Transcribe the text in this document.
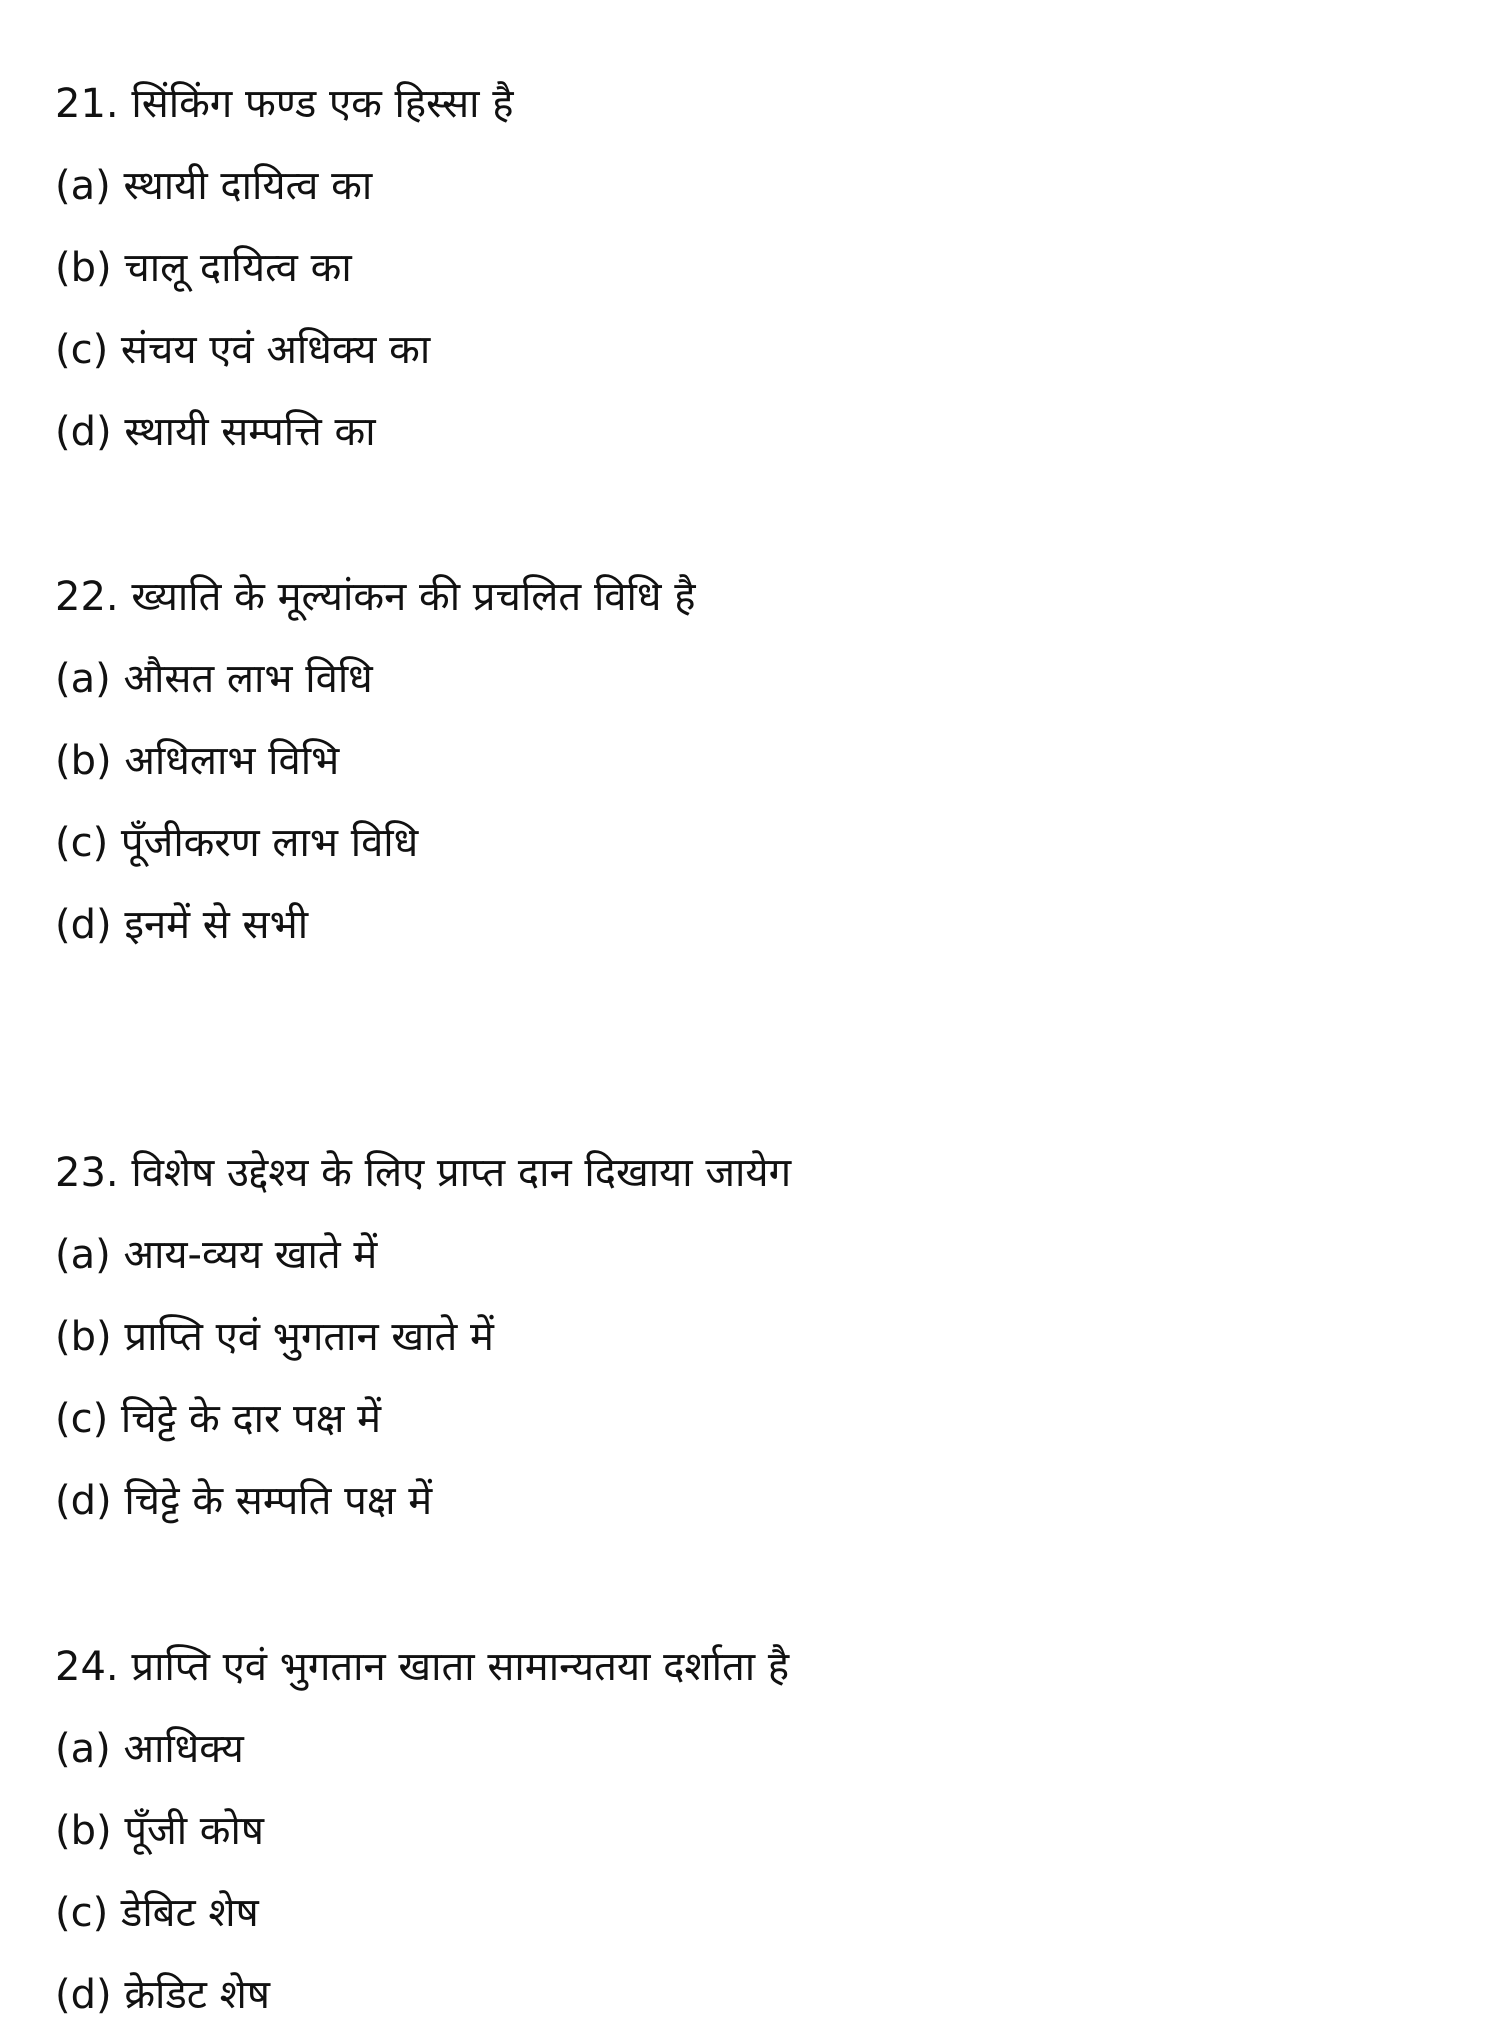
21. सिंकिंग फण्ड एक हिस्सा है
(a) स्थायी दायित्व का
(b) चालू दायित्व का
(c) संचय एवं अधिक्य का
(d) स्थायी सम्पत्ति का
22. ख्याति के मूल्यांकन की प्रचलित विधि है
(a) औसत लाभ विधि
(b) अधिलाभ विभि
(c) पूँजीकरण लाभ विधि
(d) इनमें से सभी
23. विशेष उद्देश्य के लिए प्राप्त दान दिखाया जायेग
(a) आय-व्यय खाते में
(b) प्राप्ति एवं भुगतान खाते में
(c) चिट्टे के दार पक्ष में
(d) चिट्टे के सम्पति पक्ष में
24. प्राप्ति एवं भुगतान खाता सामान्यतया दर्शाता है
(a) आधिक्य
(b) पूँजी कोष
(c) डेबिट शेष
(d) क्रेडिट शेष
